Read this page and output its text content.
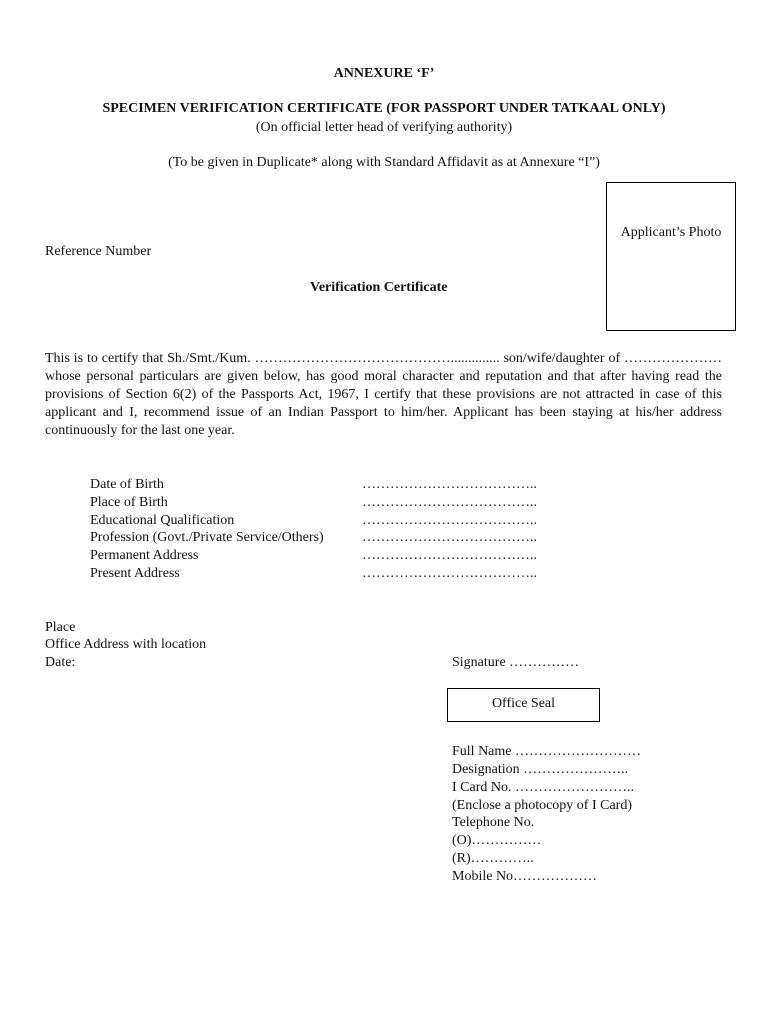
ANNEXURE ‘F’
SPECIMEN VERIFICATION CERTIFICATE (FOR PASSPORT UNDER TATKAAL ONLY)
(On official letter head of verifying authority)
(To be given in Duplicate* along with Standard Affidavit as at Annexure “I”)
Applicant’s Photo
Reference Number
Verification Certificate
This is to certify that Sh./Smt./Kum. …………………………………….............. son/wife/daughter of ………………… whose personal particulars are given below, has good moral character and reputation and that after having read the provisions of Section 6(2) of the Passports Act, 1967, I certify that these provisions are not attracted in case of this applicant and I, recommend issue of an Indian Passport to him/her. Applicant has been staying at his/her address continuously for the last one year.
Date of Birth	………………………………..
Place of Birth	………………………………..
Educational Qualification	………………………………..
Profession (Govt./Private Service/Others)	………………………………..
Permanent Address	………………………………..
Present Address	………………………………..
Place
Office Address with location
Date:	Signature ……………
Office Seal
Full Name ………………………
Designation …………………..
I Card No. ……………………..
(Enclose a photocopy of I Card)
Telephone No.
(O)……………
(R)…………..
Mobile No………………
